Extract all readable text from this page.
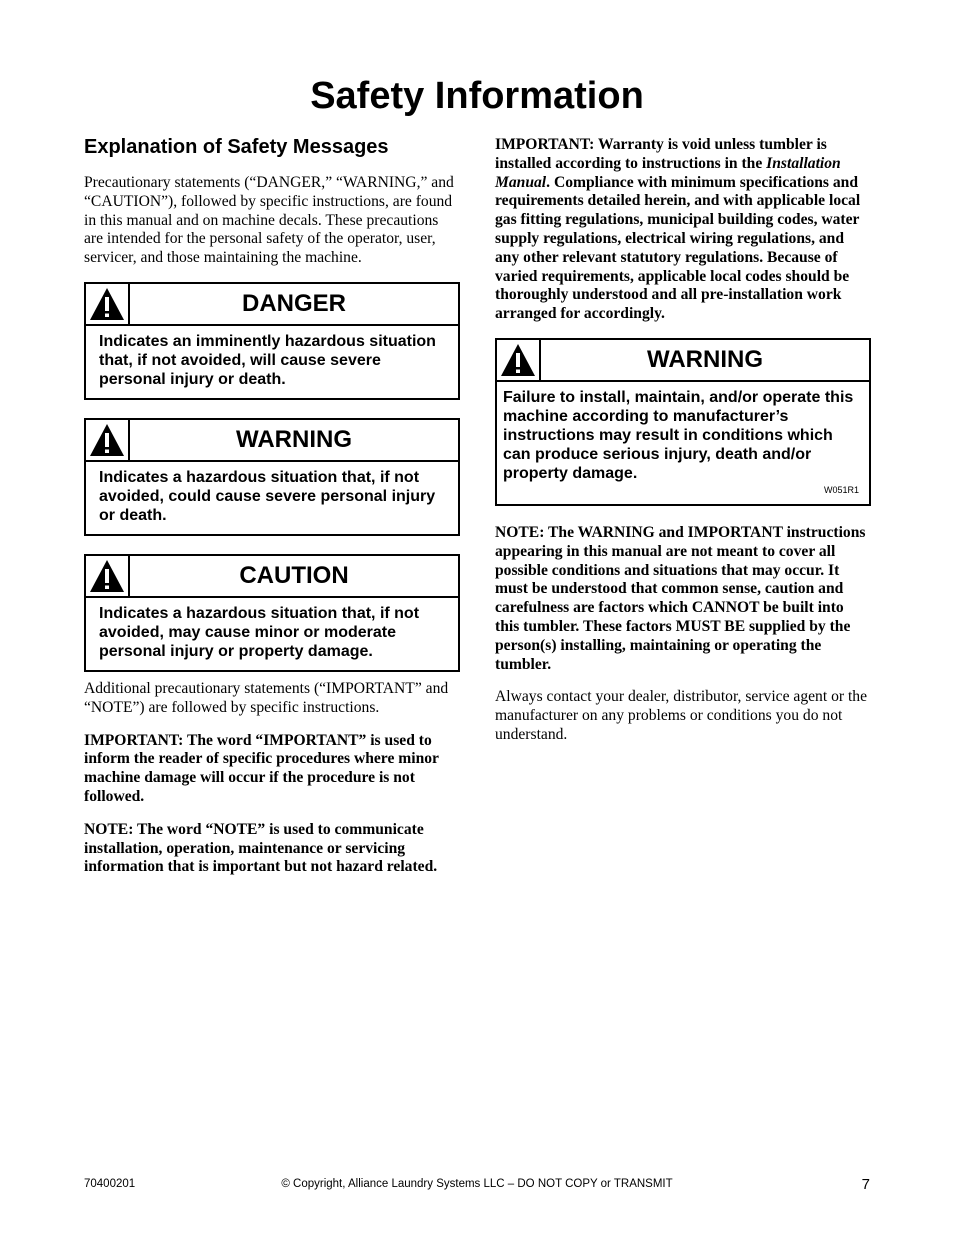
Safety Information
Explanation of Safety Messages

Precautionary statements (“DANGER,” “WARNING,” and “CAUTION”), followed by specific instructions, are found in this manual and on machine decals. These precautions are intended for the personal safety of the operator, user, servicer, and those maintaining the machine.

DANGER
Indicates an imminently hazardous situation that, if not avoided, will cause severe personal injury or death.
WARNING
Indicates a hazardous situation that, if not avoided, could cause severe personal injury or death.
CAUTION
Indicates a hazardous situation that, if not avoided, may cause minor or moderate personal injury or property damage.

Additional precautionary statements (“IMPORTANT” and “NOTE”) are followed by specific instructions.

IMPORTANT: The word “IMPORTANT” is used to inform the reader of specific procedures where minor machine damage will occur if the procedure is not followed.

NOTE: The word “NOTE” is used to communicate installation, operation, maintenance or servicing information that is important but not hazard related.

IMPORTANT: Warranty is void unless tumbler is installed according to instructions in the Installation Manual. Compliance with minimum specifications and requirements detailed herein, and with applicable local gas fitting regulations, municipal building codes, water supply regulations, electrical wiring regulations, and any other relevant statutory regulations. Because of varied requirements, applicable local codes should be thoroughly understood and all pre-installation work arranged for accordingly.

WARNING
Failure to install, maintain, and/or operate this machine according to manufacturer’s instructions may result in conditions which can produce serious injury, death and/or property damage.
W051R1

NOTE: The WARNING and IMPORTANT instructions appearing in this manual are not meant to cover all possible conditions and situations that may occur. It must be understood that common sense, caution and carefulness are factors which CANNOT be built into this tumbler. These factors MUST BE supplied by the person(s) installing, maintaining or operating the tumbler.

Always contact your dealer, distributor, service agent or the manufacturer on any problems or conditions you do not understand.

70400201	© Copyright, Alliance Laundry Systems LLC – DO NOT COPY or TRANSMIT	7
